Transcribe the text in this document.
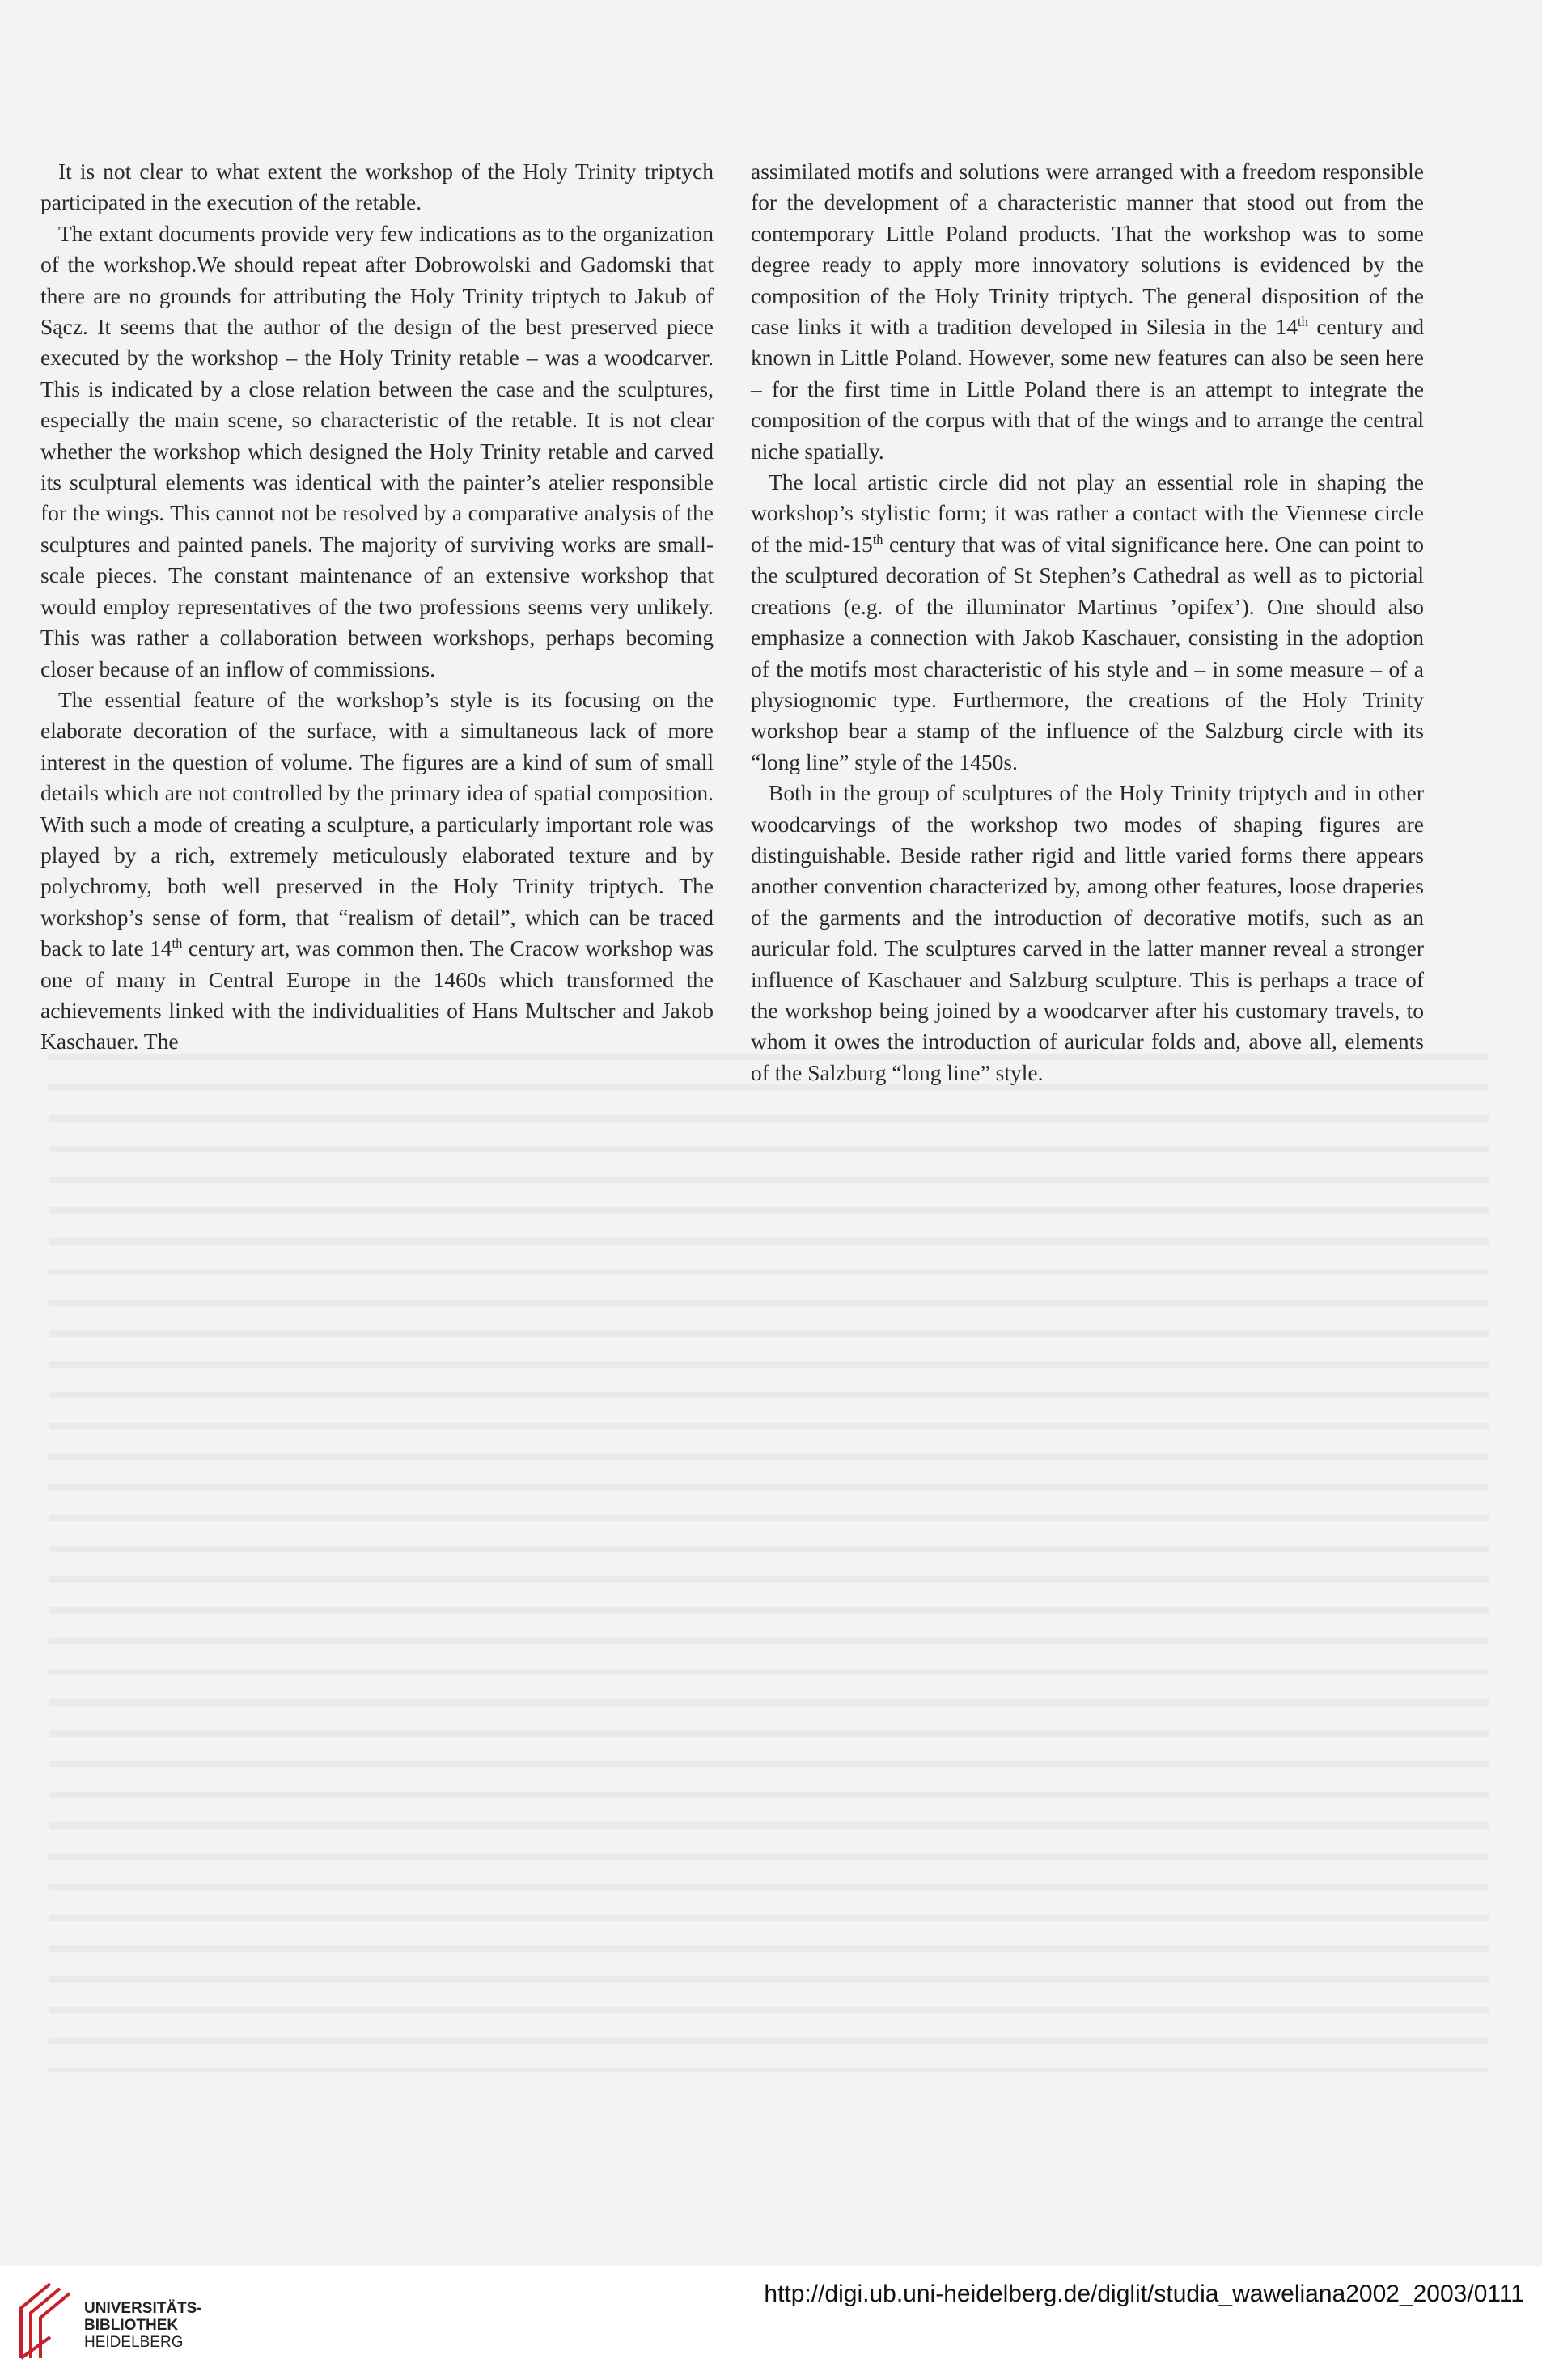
It is not clear to what extent the workshop of the Holy Trinity triptych participated in the execution of the retable.

The extant documents provide very few indications as to the organization of the workshop.We should repeat after Dobrowolski and Gadomski that there are no grounds for attributing the Holy Trinity triptych to Jakub of Sącz. It seems that the author of the design of the best preserved piece executed by the workshop – the Holy Trinity retable – was a woodcarver. This is indicated by a close relation between the case and the sculptures, especially the main scene, so characteristic of the retable. It is not clear whether the workshop which designed the Holy Trinity retable and carved its sculptural elements was identical with the painter’s atelier responsible for the wings. This cannot not be resolved by a comparative analysis of the sculptures and painted panels. The majority of surviving works are small-scale pieces. The constant maintenance of an extensive workshop that would employ representatives of the two professions seems very unlikely. This was rather a collaboration between workshops, perhaps becoming closer because of an inflow of commissions.

The essential feature of the workshop’s style is its focusing on the elaborate decoration of the surface, with a simultaneous lack of more interest in the question of volume. The figures are a kind of sum of small details which are not controlled by the primary idea of spatial composition. With such a mode of creating a sculpture, a particularly important role was played by a rich, extremely meticulously elaborated texture and by polychromy, both well preserved in the Holy Trinity triptych. The workshop’s sense of form, that “realism of detail”, which can be traced back to late 14th century art, was common then. The Cracow workshop was one of many in Central Europe in the 1460s which transformed the achievements linked with the individualities of Hans Multscher and Jakob Kaschauer. The

assimilated motifs and solutions were arranged with a freedom responsible for the development of a characteristic manner that stood out from the contemporary Little Poland products. That the workshop was to some degree ready to apply more innovatory solutions is evidenced by the composition of the Holy Trinity triptych. The general disposition of the case links it with a tradition developed in Silesia in the 14th century and known in Little Poland. However, some new features can also be seen here – for the first time in Little Poland there is an attempt to integrate the composition of the corpus with that of the wings and to arrange the central niche spatially.

The local artistic circle did not play an essential role in shaping the workshop’s stylistic form; it was rather a contact with the Viennese circle of the mid-15th century that was of vital significance here. One can point to the sculptured decoration of St Stephen’s Cathedral as well as to pictorial creations (e.g. of the illuminator Martinus ’opifex’). One should also emphasize a connection with Jakob Kaschauer, consisting in the adoption of the motifs most characteristic of his style and – in some measure – of a physiognomic type. Furthermore, the creations of the Holy Trinity workshop bear a stamp of the influence of the Salzburg circle with its “long line” style of the 1450s.

Both in the group of sculptures of the Holy Trinity triptych and in other woodcarvings of the workshop two modes of shaping figures are distinguishable. Beside rather rigid and little varied forms there appears another convention characterized by, among other features, loose draperies of the garments and the introduction of decorative motifs, such as an auricular fold. The sculptures carved in the latter manner reveal a stronger influence of Kaschauer and Salzburg sculpture. This is perhaps a trace of the workshop being joined by a woodcarver after his customary travels, to whom it owes the introduction of auricular folds and, above all, elements of the Salzburg “long line” style.

UNIVERSITÄTS-
BIBLIOTHEK
HEIDELBERG
http://digi.ub.uni-heidelberg.de/diglit/studia_waweliana2002_2003/0111
